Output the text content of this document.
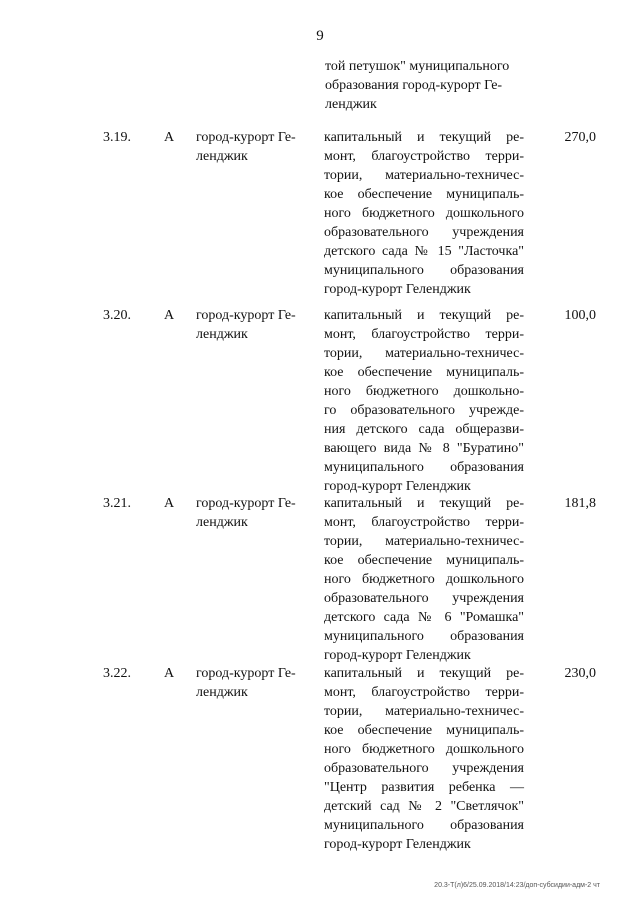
9
той петушок" муниципального
образования город-курорт Ге-
ленджик
3.19. А город-курорт Ге-
ленджик
капитальный и текущий ре-
монт, благоустройство терри-
тории, материально-техничес-
кое обеспечение муниципаль-
ного бюджетного дошкольного
образовательного учреждения
детского сада № 15 "Ласточка"
муниципального образования
город-курорт Геленджик
270,0
3.20. А город-курорт Ге-
ленджик
капитальный и текущий ре-
монт, благоустройство терри-
тории, материально-техничес-
кое обеспечение муниципаль-
ного бюджетного дошкольно-
го образовательного учрежде-
ния детского сада общеразви-
вающего вида № 8 "Буратино"
муниципального образования
город-курорт Геленджик
100,0
3.21. А город-курорт Ге-
ленджик
капитальный и текущий ре-
монт, благоустройство терри-
тории, материально-техничес-
кое обеспечение муниципаль-
ного бюджетного дошкольного
образовательного учреждения
детского сада № 6 "Ромашка"
муниципального образования
город-курорт Геленджик
181,8
3.22. А город-курорт Ге-
ленджик
капитальный и текущий ре-
монт, благоустройство терри-
тории, материально-техничес-
кое обеспечение муниципаль-
ного бюджетного дошкольного
образовательного учреждения
"Центр развития ребенка —
детский сад № 2 "Светлячок"
муниципального образования
город-курорт Геленджик
230,0
20.3-Т(л)6/25.09.2018/14:23/доп-субсидии-адм-2 чт
